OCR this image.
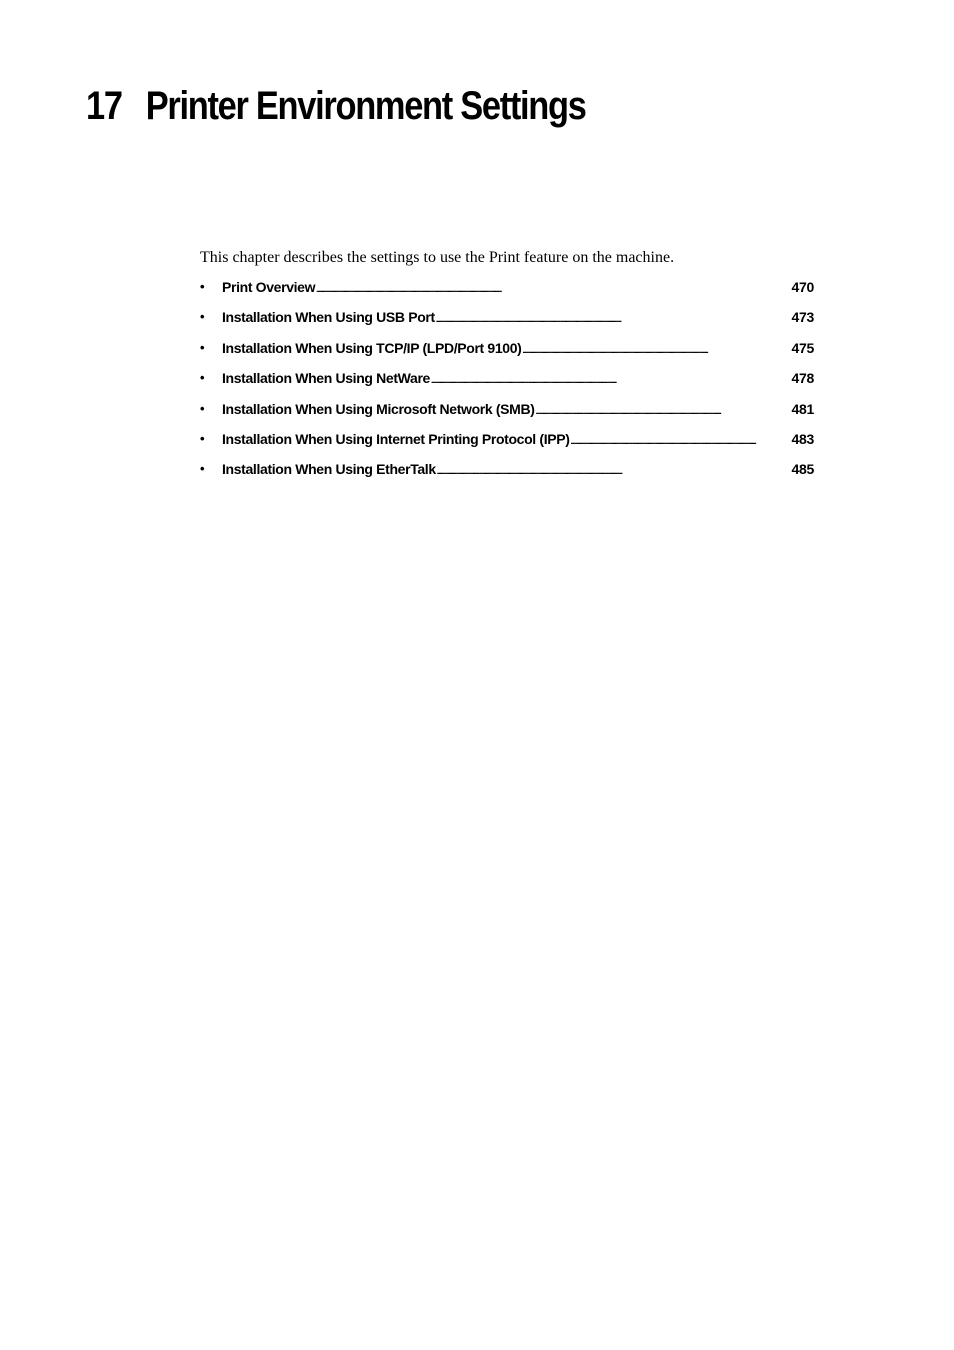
17 Printer Environment Settings

This chapter describes the settings to use the Print feature on the machine.

• Print Overview . . .	470
• Installation When Using USB Port . . .	473
• Installation When Using TCP/IP (LPD/Port 9100) . . .	475
• Installation When Using NetWare . . .	478
• Installation When Using Microsoft Network (SMB) . . .	481
• Installation When Using Internet Printing Protocol (IPP) . . .	483
• Installation When Using EtherTalk . . .	485
